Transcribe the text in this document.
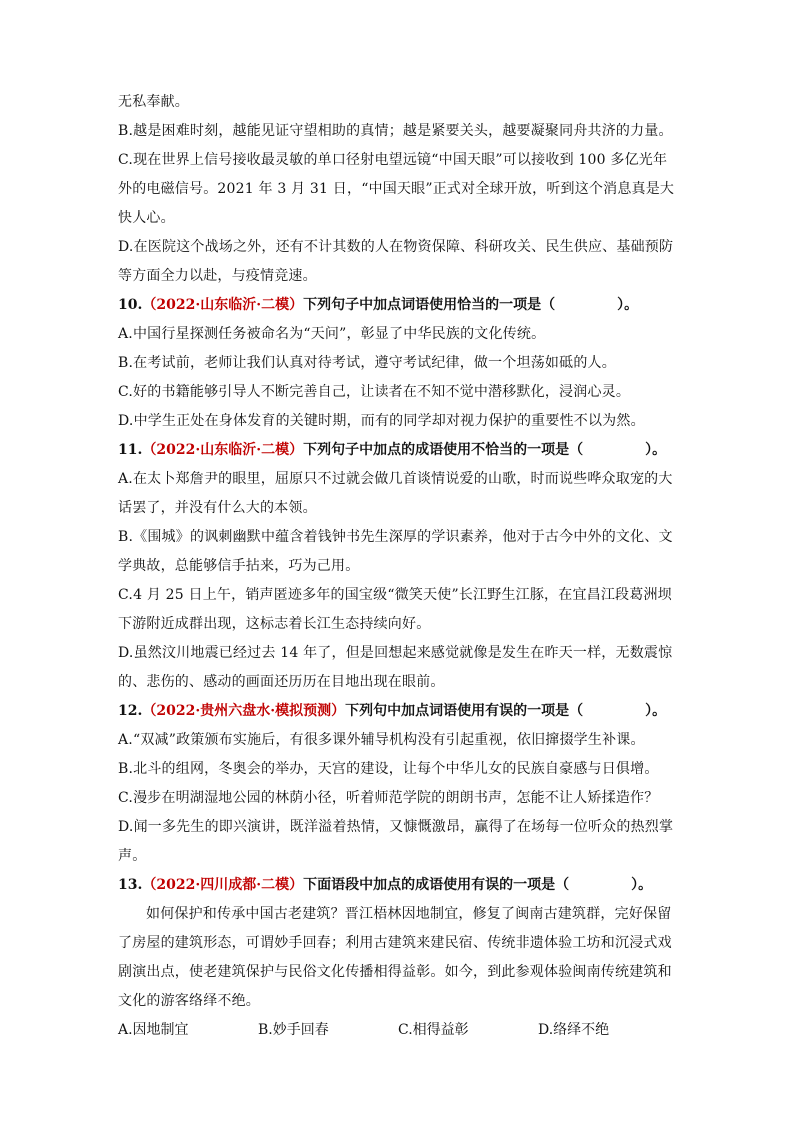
无私奉献。

B.越是困难时刻，越能见证守望相助的真情；越是紧要关头，越要凝聚同舟共济的力量。

C.现在世界上信号接收最灵敏的单口径射电望远镜“中国天眼”可以接收到 100 多亿光年外的电磁信号。2021 年 3 月 31 日，“中国天眼”正式对全球开放，听到这个消息真是大快人心。

D.在医院这个战场之外，还有不计其数的人在物资保障、科研攻关、民生供应、基础预防等方面全力以赴，与疫情竞速。

10.（2022·山东临沂·二模）下列句子中加点词语使用恰当的一项是（	）。

A.中国行星探测任务被命名为“天问”，彰显了中华民族的文化传统。

B.在考试前，老师让我们认真对待考试，遵守考试纪律，做一个坦荡如砥的人。

C.好的书籍能够引导人不断完善自己，让读者在不知不觉中潜移默化，浸润心灵。

D.中学生正处在身体发育的关键时期，而有的同学却对视力保护的重要性不以为然。

11.（2022·山东临沂·二模）下列句子中加点的成语使用不恰当的一项是（	）。

A.在太卜郑詹尹的眼里，屈原只不过就会做几首谈情说爱的山歌，时而说些哗众取宠的大话罢了，并没有什么大的本领。

B.《围城》的讽刺幽默中蕴含着钱钟书先生深厚的学识素养，他对于古今中外的文化、文学典故，总能够信手拈来，巧为己用。

C.4 月 25 日上午，销声匿迹多年的国宝级“微笑天使”长江野生江豚，在宜昌江段葛洲坝下游附近成群出现，这标志着长江生态持续向好。

D.虽然汶川地震已经过去 14 年了，但是回想起来感觉就像是发生在昨天一样，无数震惊的、悲伤的、感动的画面还历历在目地出现在眼前。

12.（2022·贵州六盘水·模拟预测）下列句中加点词语使用有误的一项是（	）。

A.“双减”政策颁布实施后，有很多课外辅导机构没有引起重视，依旧撺掇学生补课。

B.北斗的组网，冬奥会的举办，天宫的建设，让每个中华儿女的民族自豪感与日俱增。

C.漫步在明湖湿地公园的林荫小径，听着师范学院的朗朗书声，怎能不让人矫揉造作？

D.闻一多先生的即兴演讲，既洋溢着热情，又慷慨激昂，赢得了在场每一位听众的热烈掌声。

13.（2022·四川成都·二模）下面语段中加点的成语使用有误的一项是（	）。

如何保护和传承中国古老建筑？晋江梧林因地制宜，修复了闽南古建筑群，完好保留了房屋的建筑形态，可谓妙手回春；利用古建筑来建民宿、传统非遗体验工坊和沉浸式戏剧演出点，使老建筑保护与民俗文化传播相得益彰。如今，到此参观体验闽南传统建筑和文化的游客络绎不绝。

A.因地制宜	B.妙手回春	C.相得益彰	D.络绎不绝
